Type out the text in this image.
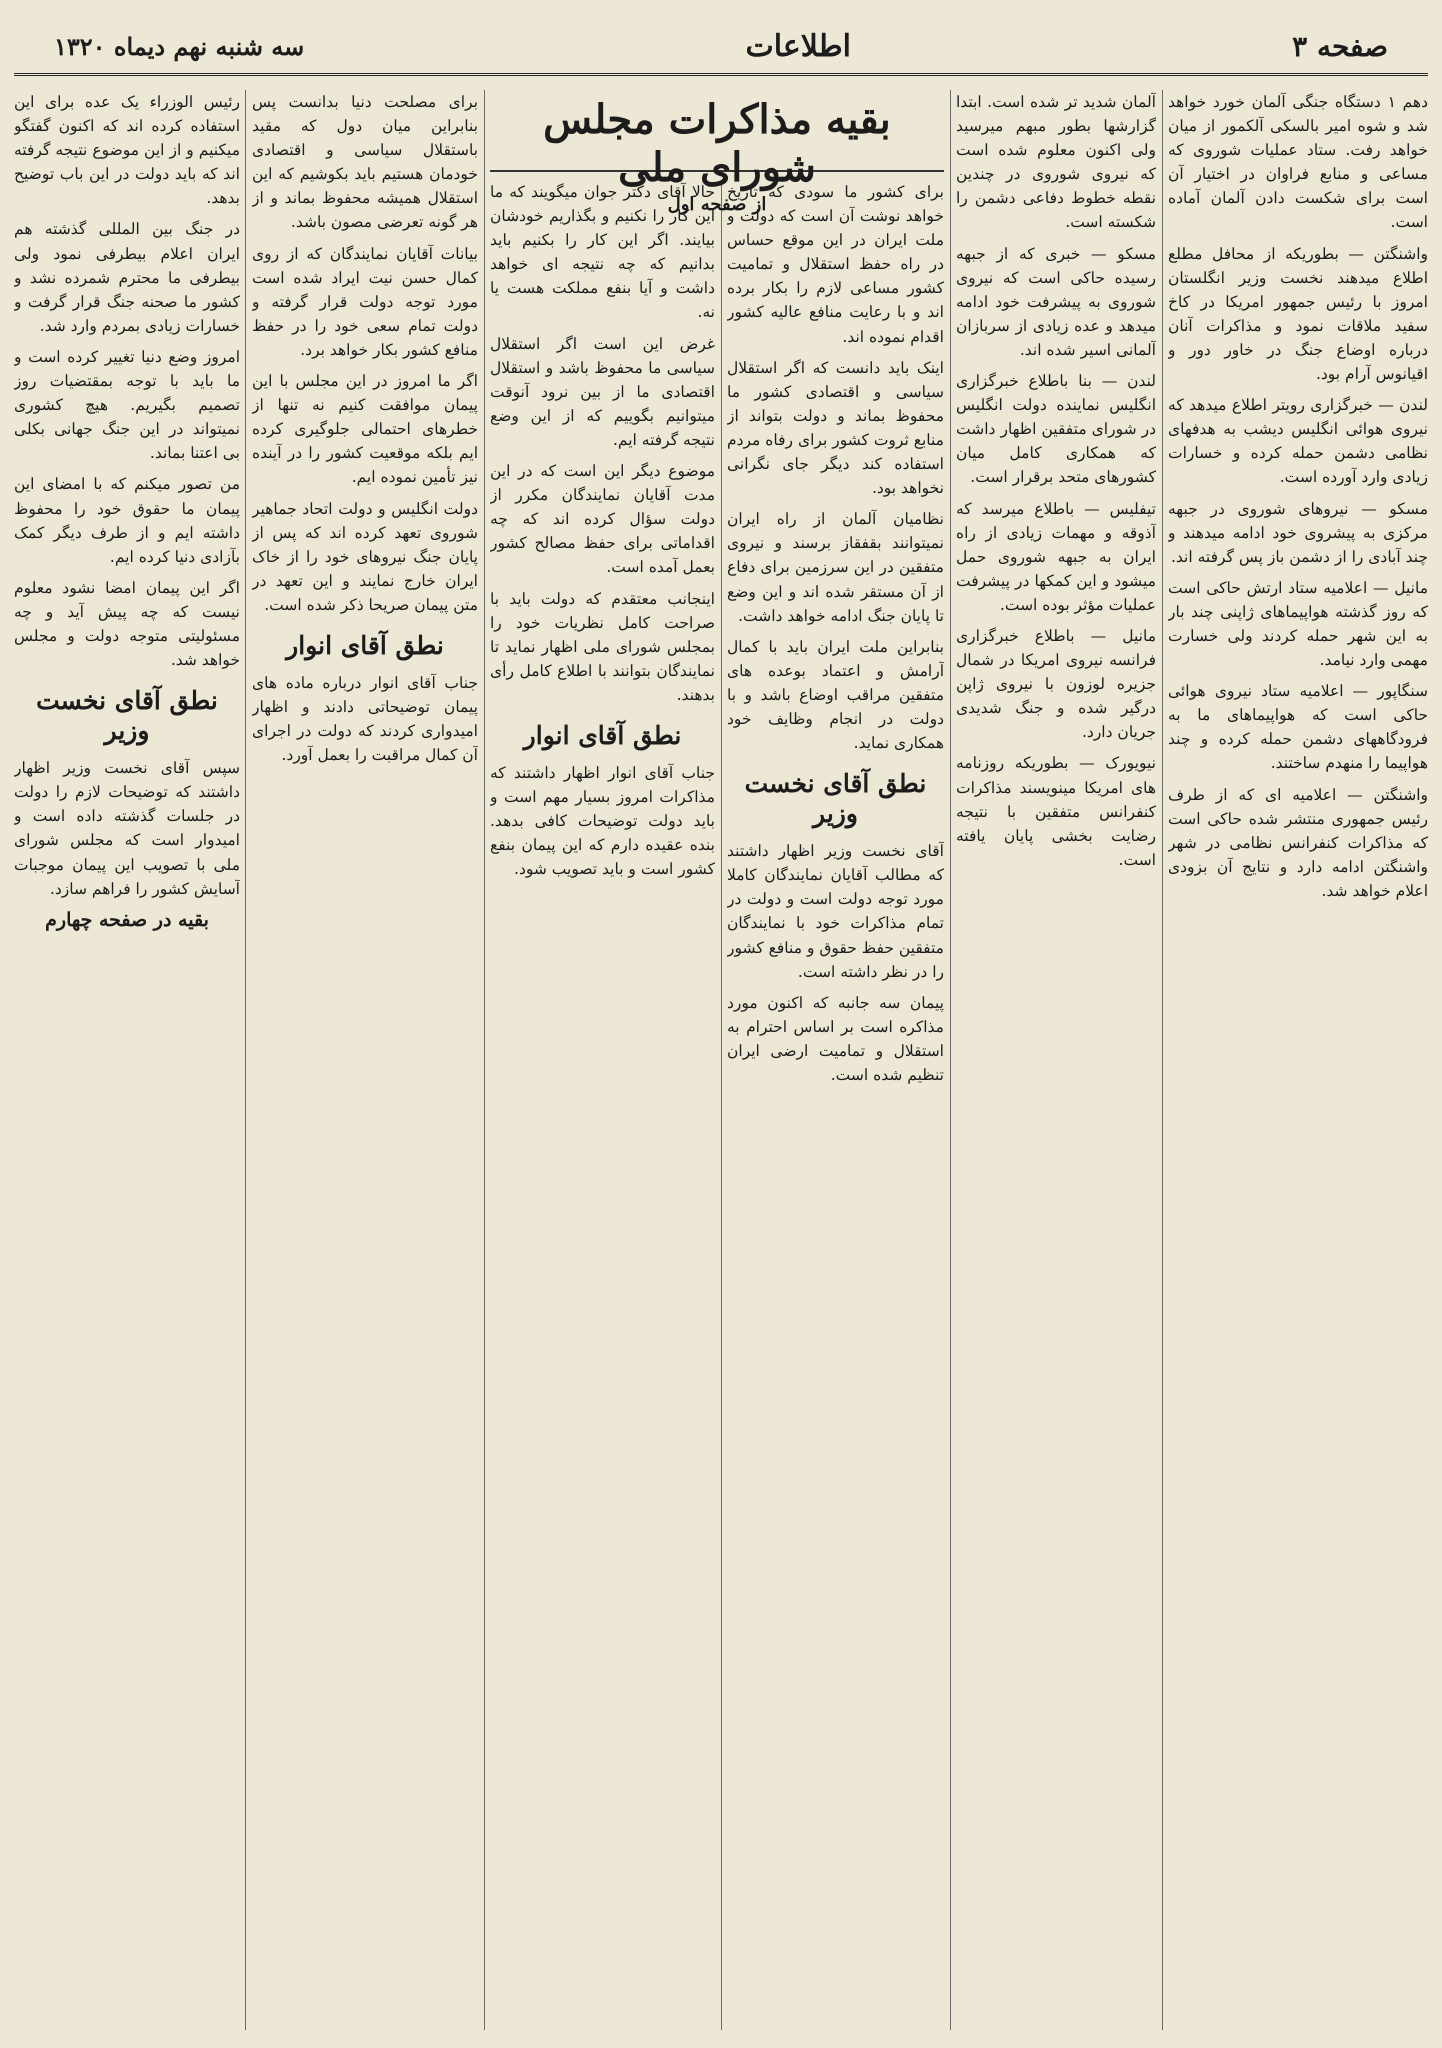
صفحه ۳
اطلاعات
سه شنبه نهم دیماه ۱۳۲۰
بقیه مذاکرات مجلس شورای ملی
از صفحه اول

دهم ۱ دستگاه جنگی آلمان خورد خواهد شد و شوه امیر بالسکی آلکمور از میان خواهد رفت. ستاد عملیات شوروی که مساعی و منابع فراوان در اختیار آن است برای شکست دادن آلمان آماده است.

واشنگتن — بطوریکه از محافل مطلع اطلاع میدهند نخست وزیر انگلستان امروز با رئیس جمهور امریکا در کاخ سفید ملاقات نمود و مذاکرات آنان درباره اوضاع جنگ در خاور دور و اقیانوس آرام بود.

لندن — خبرگزاری رویتر اطلاع میدهد که نیروی هوائی انگلیس دیشب به هدفهای نظامی دشمن حمله کرده و خسارات زیادی وارد آورده است.

مسکو — نیروهای شوروی در جبهه مرکزی به پیشروی خود ادامه میدهند و چند آبادی را از دشمن باز پس گرفته اند.

مانیل — اعلامیه ستاد ارتش حاکی است که روز گذشته هواپیماهای ژاپنی چند بار به این شهر حمله کردند ولی خسارت مهمی وارد نیامد.

سنگاپور — اعلامیه ستاد نیروی هوائی حاکی است که هواپیماهای ما به فرودگاههای دشمن حمله کرده و چند هواپیما را منهدم ساختند.

واشنگتن — اعلامیه ای که از طرف رئیس جمهوری منتشر شده حاکی است که مذاکرات کنفرانس نظامی در شهر واشنگتن ادامه دارد و نتایج آن بزودی اعلام خواهد شد.

آلمان شدید تر شده است. ابتدا گزارشها بطور مبهم میرسید ولی اکنون معلوم شده است که نیروی شوروی در چندین نقطه خطوط دفاعی دشمن را شکسته است.

مسکو — خبری که از جبهه رسیده حاکی است که نیروی شوروی به پیشرفت خود ادامه میدهد و عده زیادی از سربازان آلمانی اسیر شده اند.

لندن — بنا باطلاع خبرگزاری انگلیس نماینده دولت انگلیس در شورای متفقین اظهار داشت که همکاری کامل میان کشورهای متحد برقرار است.

تیفلیس — باطلاع میرسد که آذوقه و مهمات زیادی از راه ایران به جبهه شوروی حمل میشود و این کمکها در پیشرفت عملیات مؤثر بوده است.

مانیل — باطلاع خبرگزاری فرانسه نیروی امریکا در شمال جزیره لوزون با نیروی ژاپن درگیر شده و جنگ شدیدی جریان دارد.

نیویورک — بطوریکه روزنامه های امریکا مینویسند مذاکرات کنفرانس متفقین با نتیجه رضایت بخشی پایان یافته است.

برای کشور ما سودی که تاریخ خواهد نوشت آن است که دولت و ملت ایران در این موقع حساس در راه حفظ استقلال و تمامیت کشور مساعی لازم را بکار برده اند و با رعایت منافع عالیه کشور اقدام نموده اند.

اینک باید دانست که اگر استقلال سیاسی و اقتصادی کشور ما محفوظ بماند و دولت بتواند از منابع ثروت کشور برای رفاه مردم استفاده کند دیگر جای نگرانی نخواهد بود.

نظامیان آلمان از راه ایران نمیتوانند بقفقاز برسند و نیروی متفقین در این سرزمین برای دفاع از آن مستقر شده اند و این وضع تا پایان جنگ ادامه خواهد داشت.

بنابراین ملت ایران باید با کمال آرامش و اعتماد بوعده های متفقین مراقب اوضاع باشد و با دولت در انجام وظایف خود همکاری نماید.

نطق آقای نخست وزیر

آقای نخست وزیر اظهار داشتند که مطالب آقایان نمایندگان کاملا مورد توجه دولت است و دولت در تمام مذاکرات خود با نمایندگان متفقین حفظ حقوق و منافع کشور را در نظر داشته است.

پیمان سه جانبه که اکنون مورد مذاکره است بر اساس احترام به استقلال و تمامیت ارضی ایران تنظیم شده است.

حالا آقای دکتر جوان میگویند که ما این کار را نکنیم و بگذاریم خودشان بیایند. اگر این کار را بکنیم باید بدانیم که چه نتیجه ای خواهد داشت و آیا بنفع مملکت هست یا نه.

غرض این است اگر استقلال سیاسی ما محفوظ باشد و استقلال اقتصادی ما از بین نرود آنوقت میتوانیم بگوییم که از این وضع نتیجه گرفته ایم.

موضوع دیگر این است که در این مدت آقایان نمایندگان مکرر از دولت سؤال کرده اند که چه اقداماتی برای حفظ مصالح کشور بعمل آمده است.

اینجانب معتقدم که دولت باید با صراحت کامل نظریات خود را بمجلس شورای ملی اظهار نماید تا نمایندگان بتوانند با اطلاع کامل رأی بدهند.

نطق آقای انوار

جناب آقای انوار اظهار داشتند که مذاکرات امروز بسیار مهم است و باید دولت توضیحات کافی بدهد. بنده عقیده دارم که این پیمان بنفع کشور است و باید تصویب شود.

برای مصلحت دنیا بدانست پس بنابراین میان دول که مقید باستقلال سیاسی و اقتصادی خودمان هستیم باید بکوشیم که این استقلال همیشه محفوظ بماند و از هر گونه تعرضی مصون باشد.

بیانات آقایان نمایندگان که از روی کمال حسن نیت ایراد شده است مورد توجه دولت قرار گرفته و دولت تمام سعی خود را در حفظ منافع کشور بکار خواهد برد.

اگر ما امروز در این مجلس با این پیمان موافقت کنیم نه تنها از خطرهای احتمالی جلوگیری کرده ایم بلکه موقعیت کشور را در آینده نیز تأمین نموده ایم.

دولت انگلیس و دولت اتحاد جماهیر شوروی تعهد کرده اند که پس از پایان جنگ نیروهای خود را از خاک ایران خارج نمایند و این تعهد در متن پیمان صریحا ذکر شده است.

نطق آقای انوار

جناب آقای انوار درباره ماده های پیمان توضیحاتی دادند و اظهار امیدواری کردند که دولت در اجرای آن کمال مراقبت را بعمل آورد.

رئیس الوزراء یک عده برای این استفاده کرده اند که اکنون گفتگو میکنیم و از این موضوع نتیجه گرفته اند که باید دولت در این باب توضیح بدهد.

در جنگ بین المللی گذشته هم ایران اعلام بیطرفی نمود ولی بیطرفی ما محترم شمرده نشد و کشور ما صحنه جنگ قرار گرفت و خسارات زیادی بمردم وارد شد.

امروز وضع دنیا تغییر کرده است و ما باید با توجه بمقتضیات روز تصمیم بگیریم. هیچ کشوری نمیتواند در این جنگ جهانی بکلی بی اعتنا بماند.

من تصور میکنم که با امضای این پیمان ما حقوق خود را محفوظ داشته ایم و از طرف دیگر کمک بآزادی دنیا کرده ایم.

اگر این پیمان امضا نشود معلوم نیست که چه پیش آید و چه مسئولیتی متوجه دولت و مجلس خواهد شد.

نطق آقای نخست وزیر

سپس آقای نخست وزیر اظهار داشتند که توضیحات لازم را دولت در جلسات گذشته داده است و امیدوار است که مجلس شورای ملی با تصویب این پیمان موجبات آسایش کشور را فراهم سازد.

بقیه در صفحه چهارم
